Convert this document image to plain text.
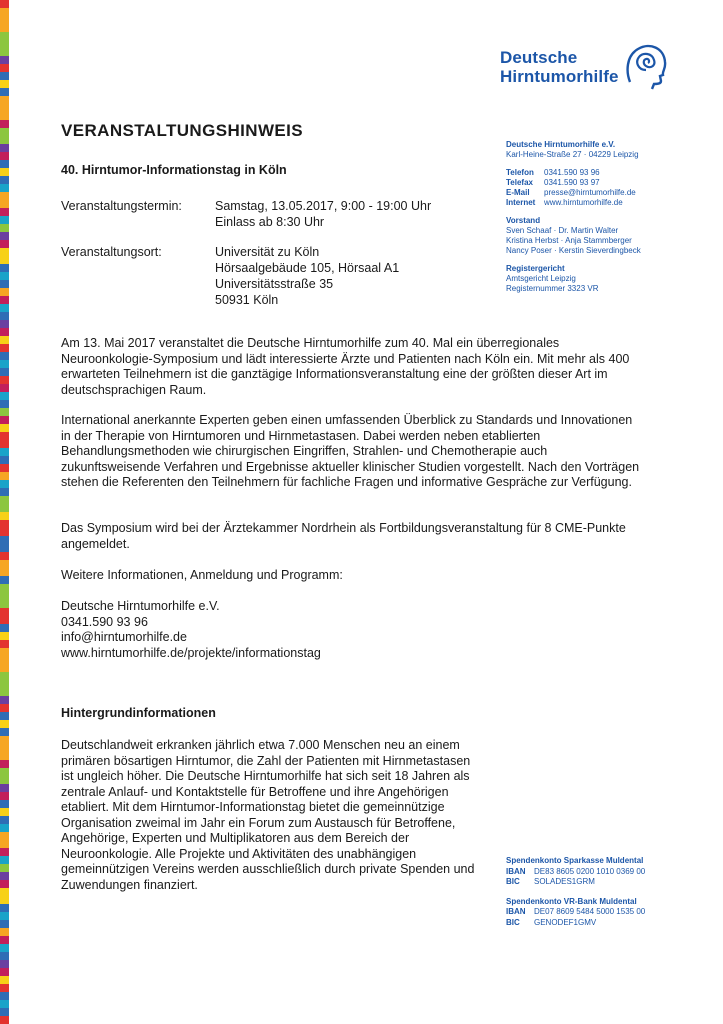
Deutsche
Hirntumorhilfe
Deutsche Hirntumorhilfe e.V.
Karl-Heine-Straße 27 · 04229 Leipzig
Telefon 0341.590 93 96
Telefax 0341.590 93 97
E-Mail presse@hirntumorhilfe.de
Internet www.hirntumorhilfe.de
Vorstand
Sven Schaaf · Dr. Martin Walter
Kristina Herbst · Anja Stammberger
Nancy Poser · Kerstin Sieverdingbeck
Registergericht
Amtsgericht Leipzig
Registernummer 3323 VR
Spendenkonto Sparkasse Muldental
IBAN DE83 8605 0200 1010 0369 00
BIC SOLADES1GRM
Spendenkonto VR-Bank Muldental
IBAN DE07 8609 5484 5000 1535 00
BIC GENODEF1GMV
VERANSTALTUNGSHINWEIS
40. Hirntumor-Informationstag in Köln
Veranstaltungstermin:	Samstag, 13.05.2017, 9:00 - 19:00 Uhr
Einlass ab 8:30 Uhr
Veranstaltungsort:	Universität zu Köln
Hörsaalgebäude 105, Hörsaal A1
Universitätsstraße 35
50931 Köln

Am 13. Mai 2017 veranstaltet die Deutsche Hirntumorhilfe zum 40. Mal ein überregionales Neuroonkologie-Symposium und lädt interessierte Ärzte und Patienten nach Köln ein. Mit mehr als 400 erwarteten Teilnehmern ist die ganztägige Informationsveranstaltung eine der größten dieser Art im deutschsprachigen Raum.

International anerkannte Experten geben einen umfassenden Überblick zu Standards und Innovationen in der Therapie von Hirntumoren und Hirnmetastasen. Dabei werden neben etablierten Behandlungsmethoden wie chirurgischen Eingriffen, Strahlen- und Chemotherapie auch zukunftsweisende Verfahren und Ergebnisse aktueller klinischer Studien vorgestellt. Nach den Vorträgen stehen die Referenten den Teilnehmern für fachliche Fragen und informative Gespräche zur Verfügung.

Das Symposium wird bei der Ärztekammer Nordrhein als Fortbildungsveranstaltung für 8 CME-Punkte angemeldet.

Weitere Informationen, Anmeldung und Programm:

Deutsche Hirntumorhilfe e.V.
0341.590 93 96
info@hirntumorhilfe.de
www.hirntumorhilfe.de/projekte/informationstag
Hintergrundinformationen

Deutschlandweit erkranken jährlich etwa 7.000 Menschen neu an einem primären bösartigen Hirntumor, die Zahl der Patienten mit Hirnmetastasen ist ungleich höher. Die Deutsche Hirntumorhilfe hat sich seit 18 Jahren als zentrale Anlauf- und Kontaktstelle für Betroffene und ihre Angehörigen etabliert. Mit dem Hirntumor-Informationstag bietet die gemeinnützige Organisation zweimal im Jahr ein Forum zum Austausch für Betroffene, Angehörige, Experten und Multiplikatoren aus dem Bereich der Neuroonkologie. Alle Projekte und Aktivitäten des unabhängigen gemeinnützigen Vereins werden ausschließlich durch private Spenden und Zuwendungen finanziert.
